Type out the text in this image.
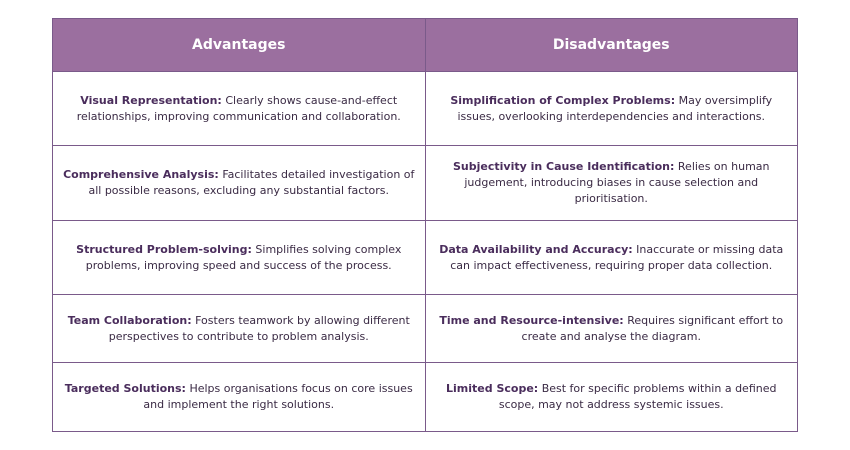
Advantages	Disadvantages
Visual Representation: Clearly shows cause-and-effect relationships, improving communication and collaboration.
Simplification of Complex Problems: May oversimplify issues, overlooking interdependencies and interactions.
Comprehensive Analysis: Facilitates detailed investigation of all possible reasons, excluding any substantial factors.
Subjectivity in Cause Identification: Relies on human judgement, introducing biases in cause selection and prioritisation.
Structured Problem-solving: Simplifies solving complex problems, improving speed and success of the process.
Data Availability and Accuracy: Inaccurate or missing data can impact effectiveness, requiring proper data collection.
Team Collaboration: Fosters teamwork by allowing different perspectives to contribute to problem analysis.
Time and Resource-intensive: Requires significant effort to create and analyse the diagram.
Targeted Solutions: Helps organisations focus on core issues and implement the right solutions.
Limited Scope: Best for specific problems within a defined scope, may not address systemic issues.
